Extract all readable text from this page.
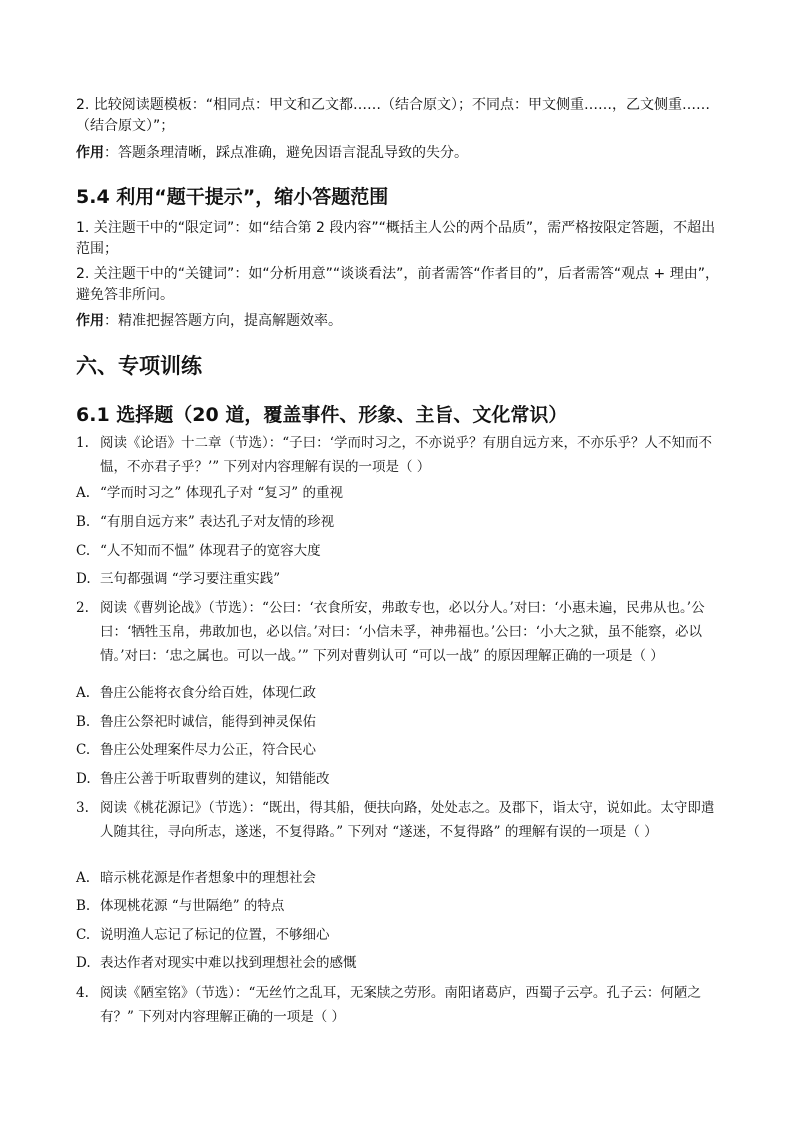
2. 比较阅读题模板：“相同点：甲文和乙文都……（结合原文）；不同点：甲文侧重……，乙文侧重……（结合原文）”；
作用：答题条理清晰，踩点准确，避免因语言混乱导致的失分。
5.4 利用“题干提示”，缩小答题范围
1. 关注题干中的“限定词”：如“结合第 2 段内容”“概括主人公的两个品质”，需严格按限定答题，不超出范围；
2. 关注题干中的“关键词”：如“分析用意”“谈谈看法”，前者需答“作者目的”，后者需答“观点 + 理由”，避免答非所问。
作用：精准把握答题方向，提高解题效率。
六、专项训练
6.1 选择题（20 道，覆盖事件、形象、主旨、文化常识）
1. 阅读《论语》十二章（节选）：“子曰：‘学而时习之，不亦说乎？有朋自远方来，不亦乐乎？人不知而不愠，不亦君子乎？’” 下列对内容理解有误的一项是（ ）
A. “学而时习之” 体现孔子对 “复习” 的重视
B. “有朋自远方来” 表达孔子对友情的珍视
C. “人不知而不愠” 体现君子的宽容大度
D. 三句都强调 “学习要注重实践”
2. 阅读《曹刿论战》（节选）：“公曰：‘衣食所安，弗敢专也，必以分人。’对曰：‘小惠未遍，民弗从也。’公曰：‘牺牲玉帛，弗敢加也，必以信。’对曰：‘小信未孚，神弗福也。’公曰：‘小大之狱，虽不能察，必以情。’对曰：‘忠之属也。可以一战。’” 下列对曹刿认可 “可以一战” 的原因理解正确的一项是（ ）
A. 鲁庄公能将衣食分给百姓，体现仁政
B. 鲁庄公祭祀时诚信，能得到神灵保佑
C. 鲁庄公处理案件尽力公正，符合民心
D. 鲁庄公善于听取曹刿的建议，知错能改
3. 阅读《桃花源记》（节选）：“既出，得其船，便扶向路，处处志之。及郡下，诣太守，说如此。太守即遣人随其往，寻向所志，遂迷，不复得路。” 下列对 “遂迷，不复得路” 的理解有误的一项是（ ）
A. 暗示桃花源是作者想象中的理想社会
B. 体现桃花源 “与世隔绝” 的特点
C. 说明渔人忘记了标记的位置，不够细心
D. 表达作者对现实中难以找到理想社会的感慨
4. 阅读《陋室铭》（节选）：“无丝竹之乱耳，无案牍之劳形。南阳诸葛庐，西蜀子云亭。孔子云：何陋之有？” 下列对内容理解正确的一项是（ ）
